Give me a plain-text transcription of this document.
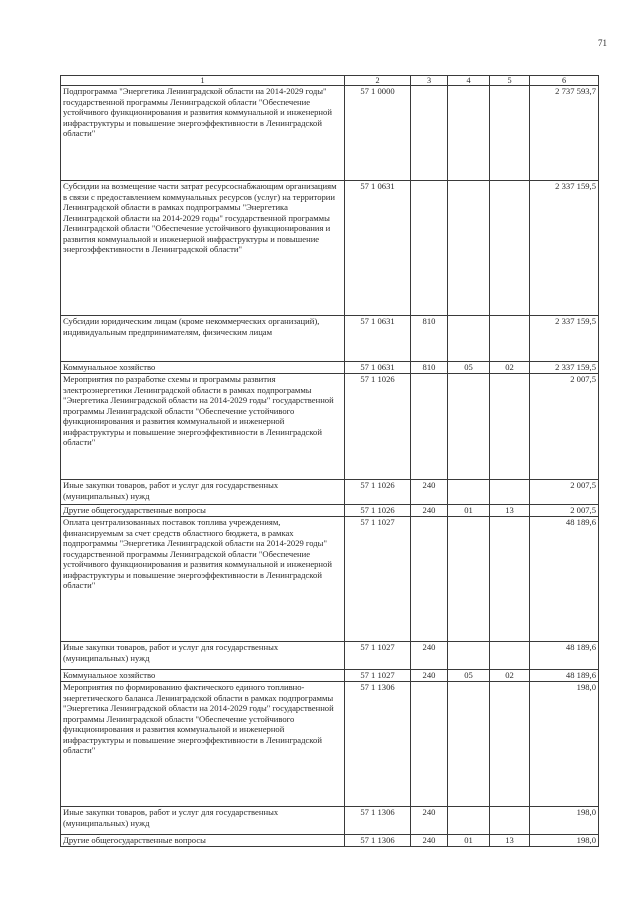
71
1	2	3	4	5	6
Подпрограмма "Энергетика Ленинградской области на 2014-2029 годы" государственной программы Ленинградской области "Обеспечение устойчивого функционирования и развития коммунальной и инженерной инфраструктуры и повышение энергоэффективности в Ленинградской области"	57 1 0000				2 737 593,7
Субсидии на возмещение части затрат ресурсоснабжающим организациям в связи с предоставлением коммунальных ресурсов (услуг) на территории Ленинградской области в рамках подпрограммы "Энергетика Ленинградской области на 2014-2029 годы" государственной программы Ленинградской области "Обеспечение устойчивого функционирования и развития коммунальной и инженерной инфраструктуры и повышение энергоэффективности в Ленинградской области"	57 1 0631				2 337 159,5
Субсидии юридическим лицам (кроме некоммерческих организаций), индивидуальным предпринимателям, физическим лицам	57 1 0631	810			2 337 159,5
Коммунальное хозяйство	57 1 0631	810	05	02	2 337 159,5
Мероприятия по разработке схемы и программы развития электроэнергетики Ленинградской области в рамках подпрограммы "Энергетика Ленинградской области на 2014-2029 годы" государственной программы Ленинградской области "Обеспечение устойчивого функционирования и развития коммунальной и инженерной инфраструктуры и повышение энергоэффективности в Ленинградской области"	57 1 1026				2 007,5
Иные закупки товаров, работ и услуг для государственных (муниципальных) нужд	57 1 1026	240			2 007,5
Другие общегосударственные вопросы	57 1 1026	240	01	13	2 007,5
Оплата централизованных поставок топлива учреждениям, финансируемым за счет средств областного бюджета, в рамках подпрограммы "Энергетика Ленинградской области на 2014-2029 годы" государственной программы Ленинградской области "Обеспечение устойчивого функционирования и развития коммунальной и инженерной инфраструктуры и повышение энергоэффективности в Ленинградской области"	57 1 1027				48 189,6
Иные закупки товаров, работ и услуг для государственных (муниципальных) нужд	57 1 1027	240			48 189,6
Коммунальное хозяйство	57 1 1027	240	05	02	48 189,6
Мероприятия по формированию фактического единого топливно-энергетического баланса Ленинградской области в рамках подпрограммы "Энергетика Ленинградской области на 2014-2029 годы" государственной программы Ленинградской области "Обеспечение устойчивого функционирования и развития коммунальной и инженерной инфраструктуры и повышение энергоэффективности в Ленинградской области"	57 1 1306				198,0
Иные закупки товаров, работ и услуг для государственных (муниципальных) нужд	57 1 1306	240			198,0
Другие общегосударственные вопросы	57 1 1306	240	01	13	198,0
